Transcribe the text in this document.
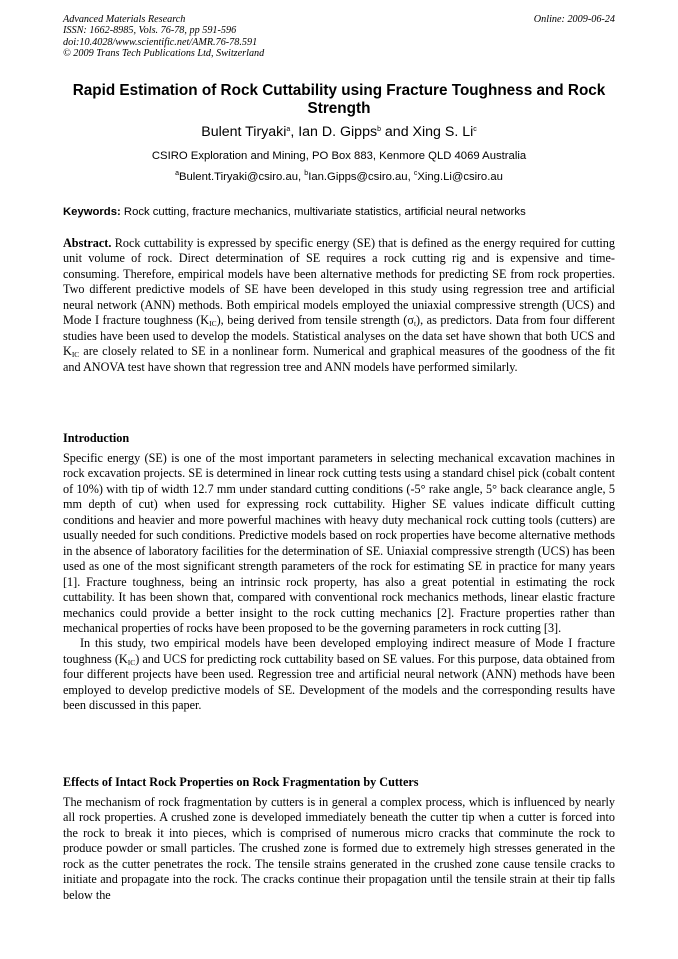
Advanced Materials Research
ISSN: 1662-8985, Vols. 76-78, pp 591-596
doi:10.4028/www.scientific.net/AMR.76-78.591
© 2009 Trans Tech Publications Ltd, Switzerland
Online: 2009-06-24
Rapid Estimation of Rock Cuttability using Fracture Toughness and Rock Strength
Bulent Tiryaki$^a$, Ian D. Gipps$^b$ and Xing S. Li$^c$
CSIRO Exploration and Mining, PO Box 883, Kenmore QLD 4069 Australia
$^a$Bulent.Tiryaki@csiro.au, $^b$Ian.Gipps@csiro.au, $^c$Xing.Li@csiro.au
Keywords: Rock cutting, fracture mechanics, multivariate statistics, artificial neural networks
Abstract. Rock cuttability is expressed by specific energy (SE) that is defined as the energy required for cutting unit volume of rock. Direct determination of SE requires a rock cutting rig and is expensive and time-consuming. Therefore, empirical models have been alternative methods for predicting SE from rock properties. Two different predictive models of SE have been developed in this study using regression tree and artificial neural network (ANN) methods. Both empirical models employed the uniaxial compressive strength (UCS) and Mode I fracture toughness $(K_{IC})$, being derived from tensile strength $(\sigma_t)$, as predictors. Data from four different studies have been used to develop the models. Statistical analyses on the data set have shown that both UCS and $K_{IC}$ are closely related to SE in a nonlinear form. Numerical and graphical measures of the goodness of the fit and ANOVA test have shown that regression tree and ANN models have performed similarly.
Introduction
Specific energy (SE) is one of the most important parameters in selecting mechanical excavation machines in rock excavation projects. SE is determined in linear rock cutting tests using a standard chisel pick (cobalt content of 10%) with tip of width 12.7 mm under standard cutting conditions (-5° rake angle, 5° back clearance angle, 5 mm depth of cut) when used for expressing rock cuttability. Higher SE values indicate difficult cutting conditions and heavier and more powerful machines with heavy duty mechanical rock cutting tools (cutters) are usually needed for such conditions. Predictive models based on rock properties have become alternative methods in the absence of laboratory facilities for the determination of SE. Uniaxial compressive strength (UCS) has been used as one of the most significant strength parameters of the rock for estimating SE in practice for many years [1]. Fracture toughness, being an intrinsic rock property, has also a great potential in estimating the rock cuttability. It has been shown that, compared with conventional rock mechanics methods, linear elastic fracture mechanics could provide a better insight to the rock cutting mechanics [2]. Fracture properties rather than mechanical properties of rocks have been proposed to be the governing parameters in rock cutting [3].
In this study, two empirical models have been developed employing indirect measure of Mode I fracture toughness $(K_{IC})$ and UCS for predicting rock cuttability based on SE values. For this purpose, data obtained from four different projects have been used. Regression tree and artificial neural network (ANN) methods have been employed to develop predictive models of SE. Development of the models and the corresponding results have been discussed in this paper.
Effects of Intact Rock Properties on Rock Fragmentation by Cutters
The mechanism of rock fragmentation by cutters is in general a complex process, which is influenced by nearly all rock properties. A crushed zone is developed immediately beneath the cutter tip when a cutter is forced into the rock to break it into pieces, which is comprised of numerous micro cracks that comminute the rock to produce powder or small particles. The crushed zone is formed due to extremely high stresses generated in the rock as the cutter penetrates the rock. The tensile strains generated in the crushed zone cause tensile cracks to initiate and propagate into the rock. The cracks continue their propagation until the tensile strain at their tip falls below the
